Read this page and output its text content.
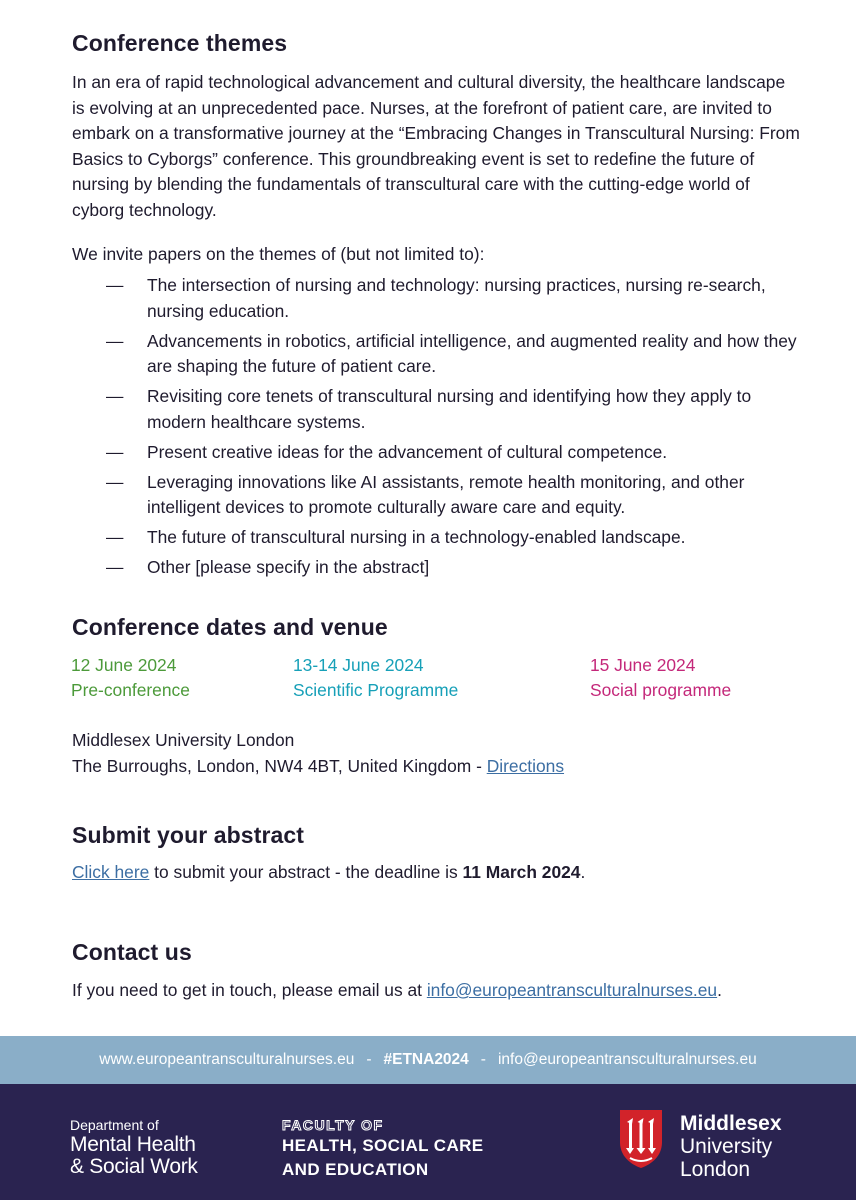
Conference themes

In an era of rapid technological advancement and cultural diversity, the healthcare landscape is evolving at an unprecedented pace. Nurses, at the forefront of patient care, are invited to embark on a transformative journey at the “Embracing Changes in Transcultural Nursing: From Basics to Cyborgs” conference. This groundbreaking event is set to redefine the future of nursing by blending the fundamentals of transcultural care with the cutting-edge world of cyborg technology.

We invite papers on the themes of (but not limited to):

— The intersection of nursing and technology: nursing practices, nursing re-search, nursing education.
— Advancements in robotics, artificial intelligence, and augmented reality and how they are shaping the future of patient care.
— Revisiting core tenets of transcultural nursing and identifying how they apply to modern healthcare systems.
— Present creative ideas for the advancement of cultural competence.
— Leveraging innovations like AI assistants, remote health monitoring, and other intelligent devices to promote culturally aware care and equity.
— The future of transcultural nursing in a technology-enabled landscape.
— Other [please specify in the abstract]
Conference dates and venue
12 June 2024
Pre-conference
13-14 June 2024
Scientific Programme
15 June 2024
Social programme
Middlesex University London
The Burroughs, London, NW4 4BT, United Kingdom - Directions
Submit your abstract
Click here to submit your abstract - the deadline is 11 March 2024.
Contact us
If you need to get in touch, please email us at info@europeantransculturalnurses.eu.
www.europeantransculturalnurses.eu - #ETNA2024 - info@europeantransculturalnurses.eu
Department of
Mental Health
& Social Work
FACULTY OF
HEALTH, SOCIAL CARE
AND EDUCATION
Middlesex
University
London
